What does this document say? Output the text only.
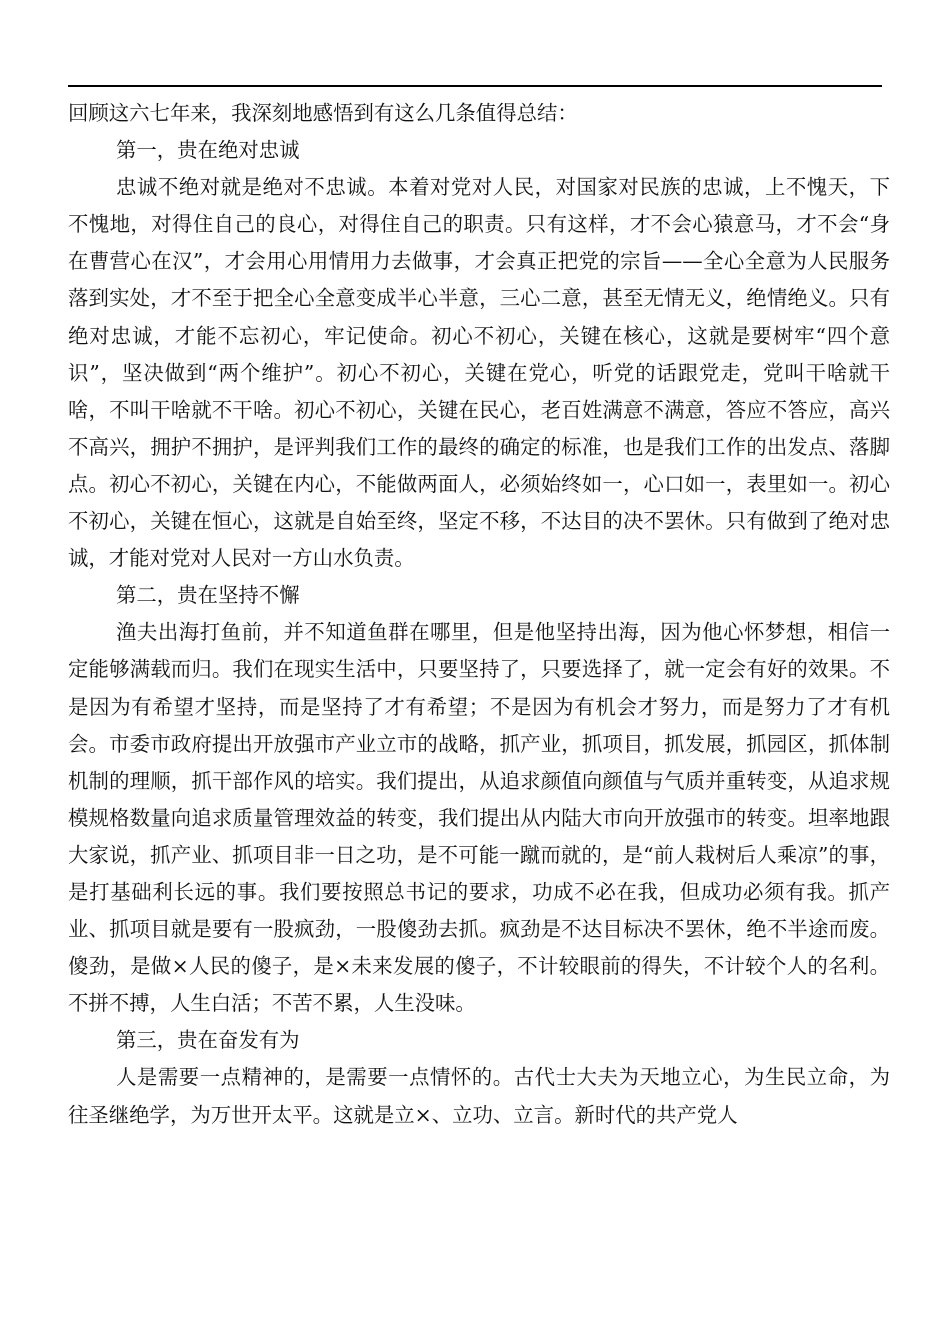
回顾这六七年来，我深刻地感悟到有这么几条值得总结：

第一，贵在绝对忠诚

忠诚不绝对就是绝对不忠诚。本着对党对人民，对国家对民族的忠诚，上不愧天，下不愧地，对得住自己的良心，对得住自己的职责。只有这样，才不会心猿意马，才不会“身在曹营心在汉”，才会用心用情用力去做事，才会真正把党的宗旨——全心全意为人民服务落到实处，才不至于把全心全意变成半心半意，三心二意，甚至无情无义，绝情绝义。只有绝对忠诚，才能不忘初心，牢记使命。初心不初心，关键在核心，这就是要树牢“四个意识”，坚决做到“两个维护”。初心不初心，关键在党心，听党的话跟党走，党叫干啥就干啥，不叫干啥就不干啥。初心不初心，关键在民心，老百姓满意不满意，答应不答应，高兴不高兴，拥护不拥护，是评判我们工作的最终的确定的标准，也是我们工作的出发点、落脚点。初心不初心，关键在内心，不能做两面人，必须始终如一，心口如一，表里如一。初心不初心，关键在恒心，这就是自始至终，坚定不移，不达目的决不罢休。只有做到了绝对忠诚，才能对党对人民对一方山水负责。

第二，贵在坚持不懈

渔夫出海打鱼前，并不知道鱼群在哪里，但是他坚持出海，因为他心怀梦想，相信一定能够满载而归。我们在现实生活中，只要坚持了，只要选择了，就一定会有好的效果。不是因为有希望才坚持，而是坚持了才有希望；不是因为有机会才努力，而是努力了才有机会。市委市政府提出开放强市产业立市的战略，抓产业，抓项目，抓发展，抓园区，抓体制机制的理顺，抓干部作风的培实。我们提出，从追求颜值向颜值与气质并重转变，从追求规模规格数量向追求质量管理效益的转变，我们提出从内陆大市向开放强市的转变。坦率地跟大家说，抓产业、抓项目非一日之功，是不可能一蹴而就的，是“前人栽树后人乘凉”的事，是打基础利长远的事。我们要按照总书记的要求，功成不必在我，但成功必须有我。抓产业、抓项目就是要有一股疯劲，一股傻劲去抓。疯劲是不达目标决不罢休，绝不半途而废。傻劲，是做×人民的傻子，是×未来发展的傻子，不计较眼前的得失，不计较个人的名利。不拼不搏，人生白活；不苦不累，人生没味。

第三，贵在奋发有为

人是需要一点精神的，是需要一点情怀的。古代士大夫为天地立心，为生民立命，为往圣继绝学，为万世开太平。这就是立×、立功、立言。新时代的共产党人
